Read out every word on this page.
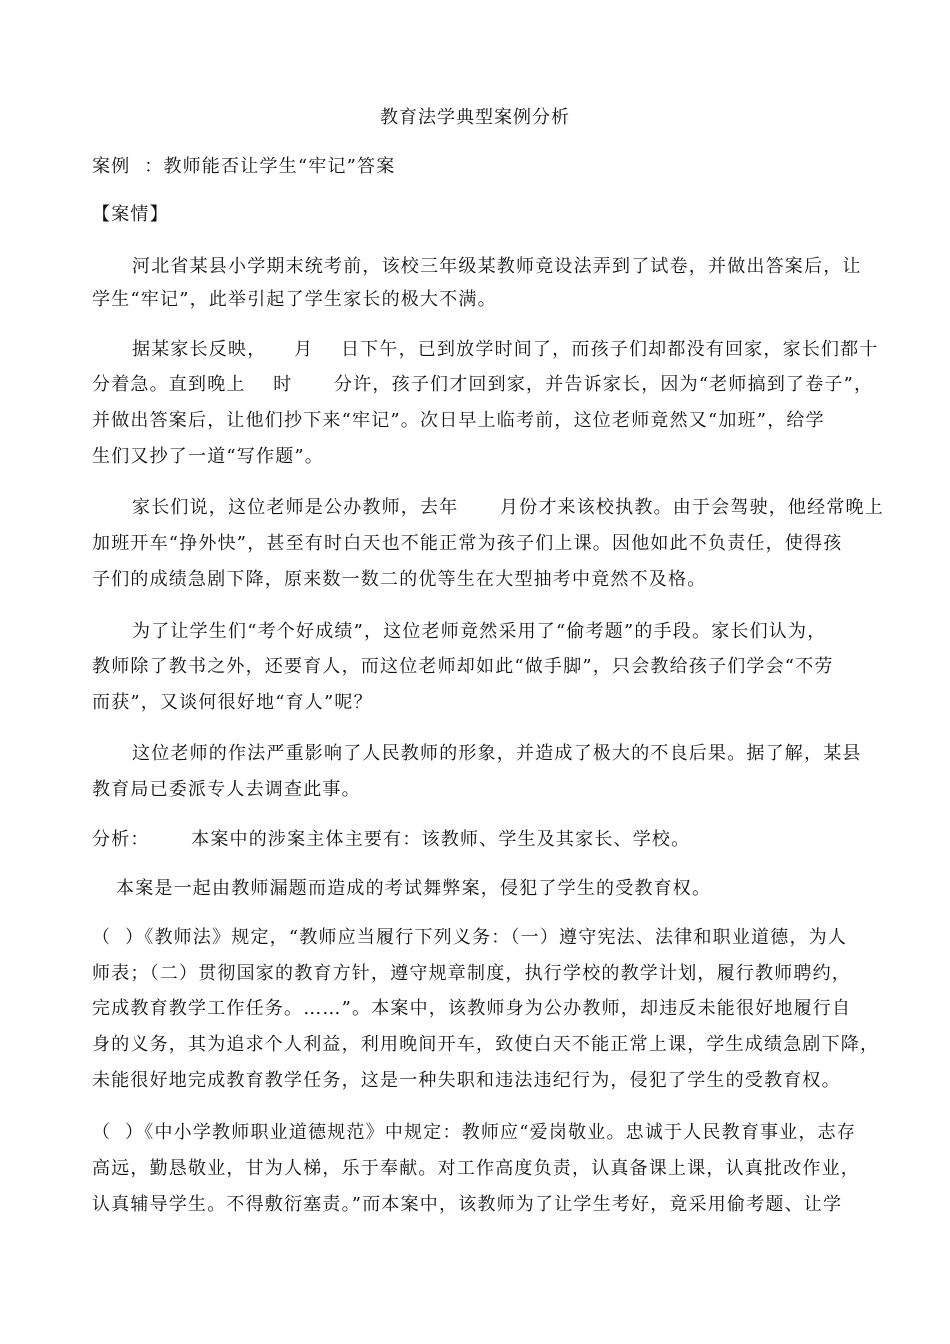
教育法学典型案例分析
案例  ：教师能否让学生“牢记”答案
【案情】
河北省某县小学期末统考前，该校三年级某教师竟设法弄到了试卷，并做出答案后，让
学生“牢记”，此举引起了学生家长的极大不满。
据某家长反映，    月    日下午，已到放学时间了，而孩子们却都没有回家，家长们都十
分着急。直到晚上    时      分许，孩子们才回到家，并告诉家长，因为“老师搞到了卷子”，
并做出答案后，让他们抄下来“牢记”。次日早上临考前，这位老师竟然又“加班”，给学
生们又抄了一道“写作题”。
家长们说，这位老师是公办教师，去年      月份才来该校执教。由于会驾驶，他经常晚上
加班开车“挣外快”，甚至有时白天也不能正常为孩子们上课。因他如此不负责任，使得孩
子们的成绩急剧下降，原来数一数二的优等生在大型抽考中竟然不及格。
为了让学生们“考个好成绩”，这位老师竟然采用了“偷考题”的手段。家长们认为，
教师除了教书之外，还要育人，而这位老师却如此“做手脚”，只会教给孩子们学会“不劳
而获”，又谈何很好地“育人”呢？
这位老师的作法严重影响了人民教师的形象，并造成了极大的不良后果。据了解，某县
教育局已委派专人去调查此事。
分析：      本案中的涉案主体主要有：该教师、学生及其家长、学校。
本案是一起由教师漏题而造成的考试舞弊案，侵犯了学生的受教育权。
（  ）《教师法》规定，“教师应当履行下列义务：（一）遵守宪法、法律和职业道德，为人
师表；（二）贯彻国家的教育方针，遵守规章制度，执行学校的教学计划，履行教师聘约，
完成教育教学工作任务。……”。本案中，该教师身为公办教师，却违反未能很好地履行自
身的义务，其为追求个人利益，利用晚间开车，致使白天不能正常上课，学生成绩急剧下降，
未能很好地完成教育教学任务，这是一种失职和违法违纪行为，侵犯了学生的受教育权。
（  ）《中小学教师职业道德规范》中规定：教师应“爱岗敬业。忠诚于人民教育事业，志存
高远，勤恳敬业，甘为人梯，乐于奉献。对工作高度负责，认真备课上课，认真批改作业，
认真辅导学生。不得敷衍塞责。”而本案中，该教师为了让学生考好，竟采用偷考题、让学
